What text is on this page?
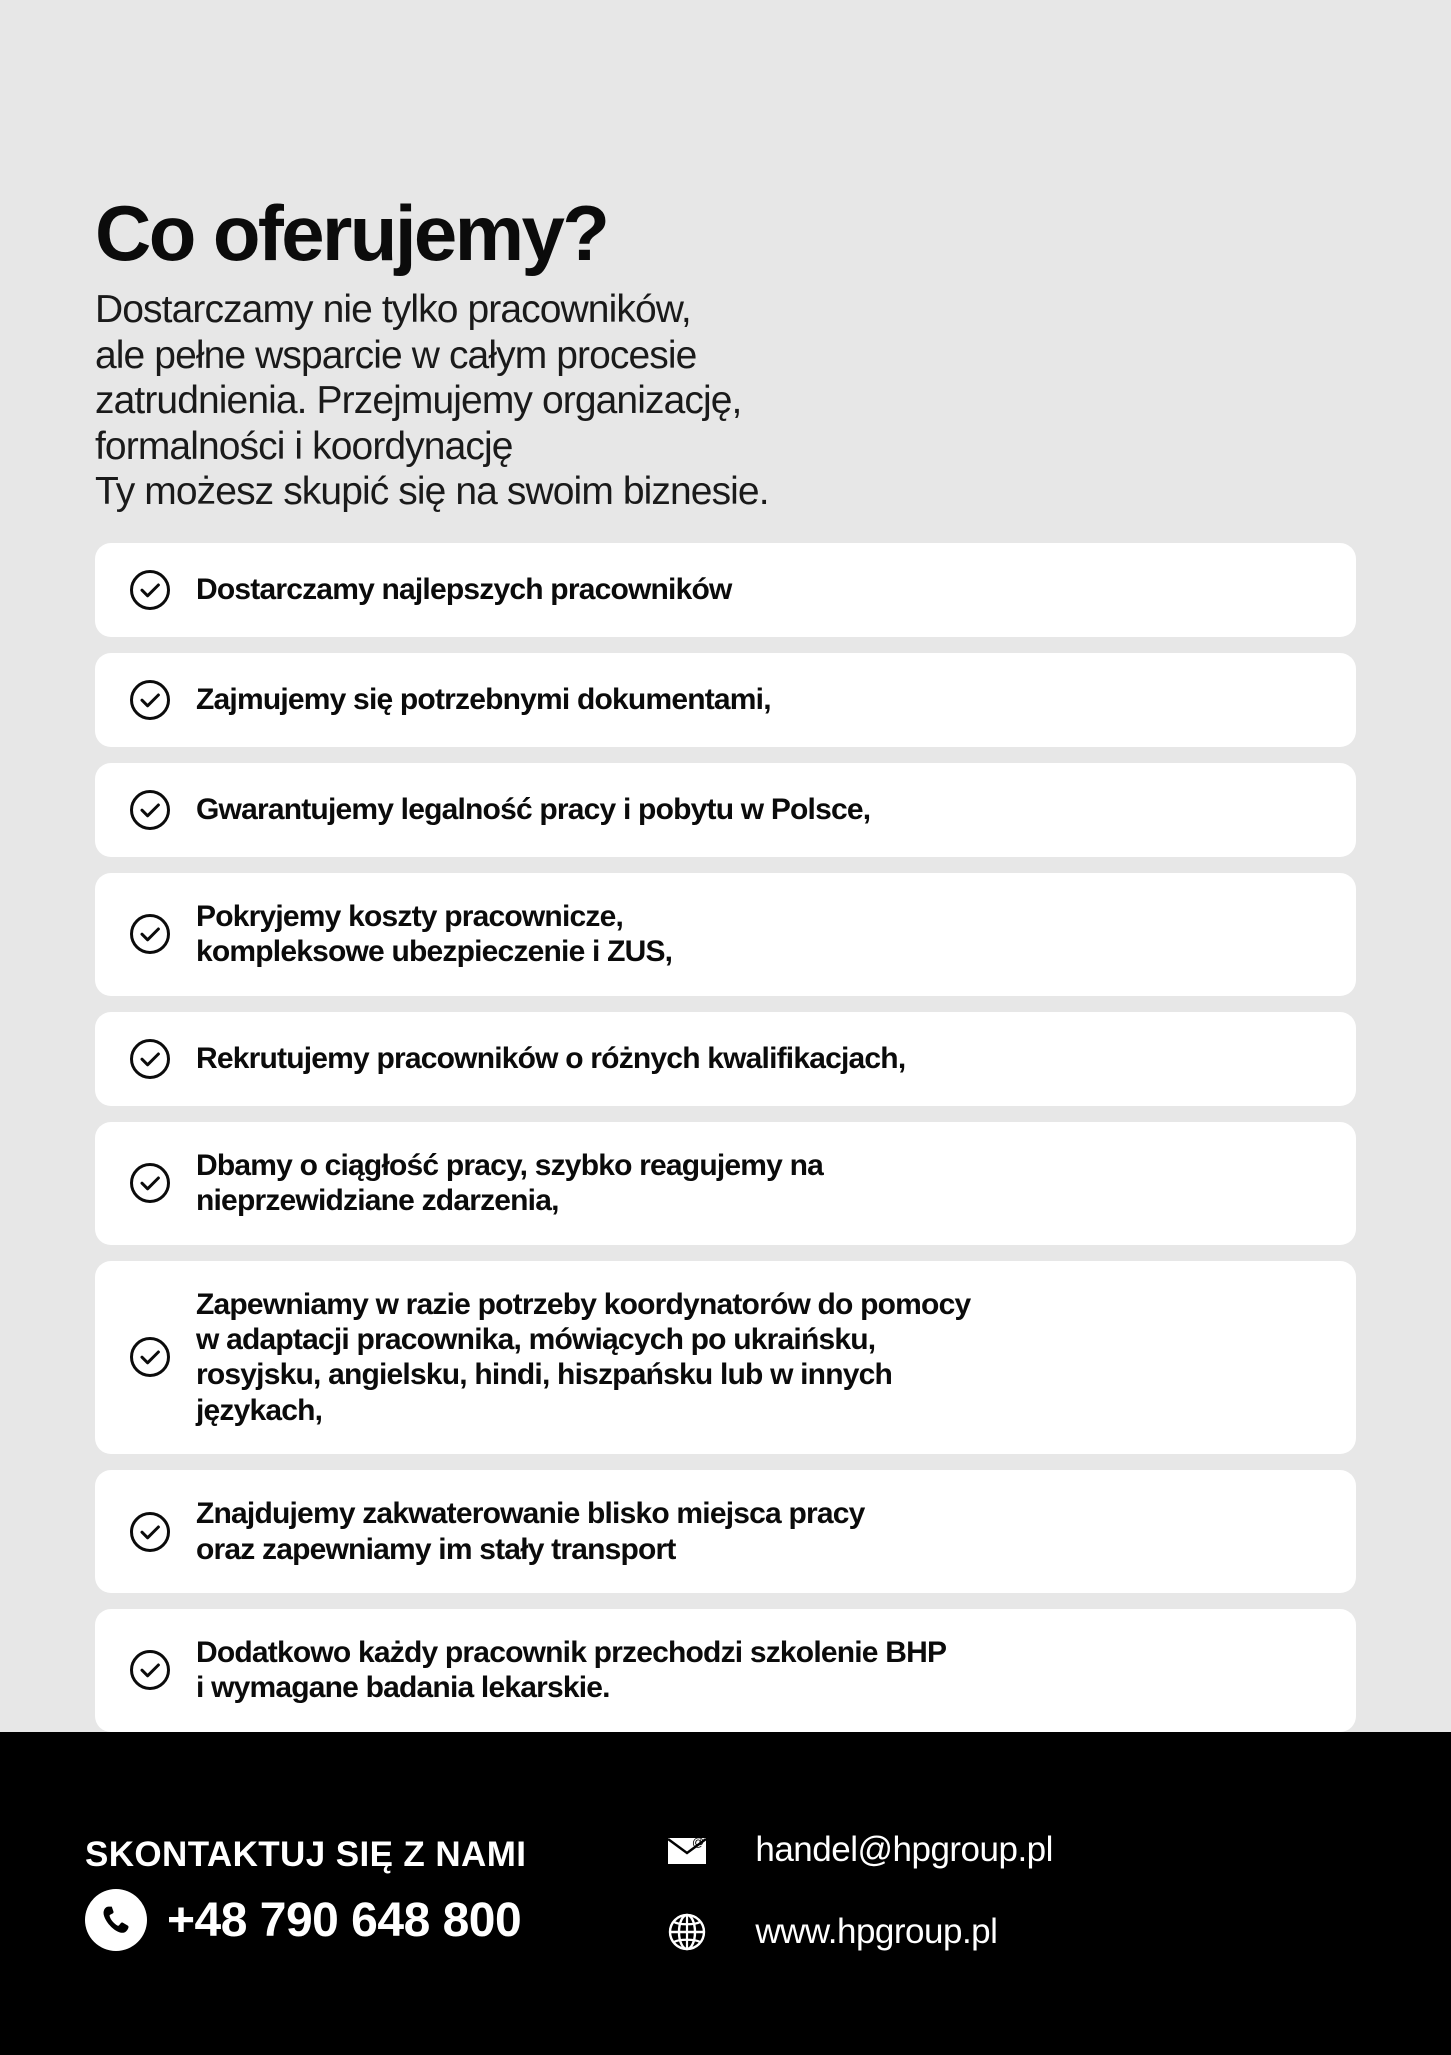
Co oferujemy?
Dostarczamy nie tylko pracowników,
ale pełne wsparcie w całym procesie
zatrudnienia. Przejmujemy organizację,
formalności i koordynację
Ty możesz skupić się na swoim biznesie.
Dostarczamy najlepszych pracowników
Zajmujemy się potrzebnymi dokumentami,
Gwarantujemy legalność pracy i pobytu w Polsce,
Pokryjemy koszty pracownicze,
kompleksowe ubezpieczenie i ZUS,
Rekrutujemy pracowników o różnych kwalifikacjach,
Dbamy o ciągłość pracy, szybko reagujemy na
nieprzewidziane zdarzenia,
Zapewniamy w razie potrzeby koordynatorów do pomocy
w adaptacji pracownika, mówiących po ukraińsku,
rosyjsku, angielsku, hindi, hiszpańsku lub w innych
językach,
Znajdujemy zakwaterowanie blisko miejsca pracy
oraz zapewniamy im stały transport
Dodatkowo każdy pracownik przechodzi szkolenie BHP
i wymagane badania lekarskie.
SKONTAKTUJ SIĘ Z NAMI
+48 790 648 800
@ handel@hpgroup.pl
www.hpgroup.pl
